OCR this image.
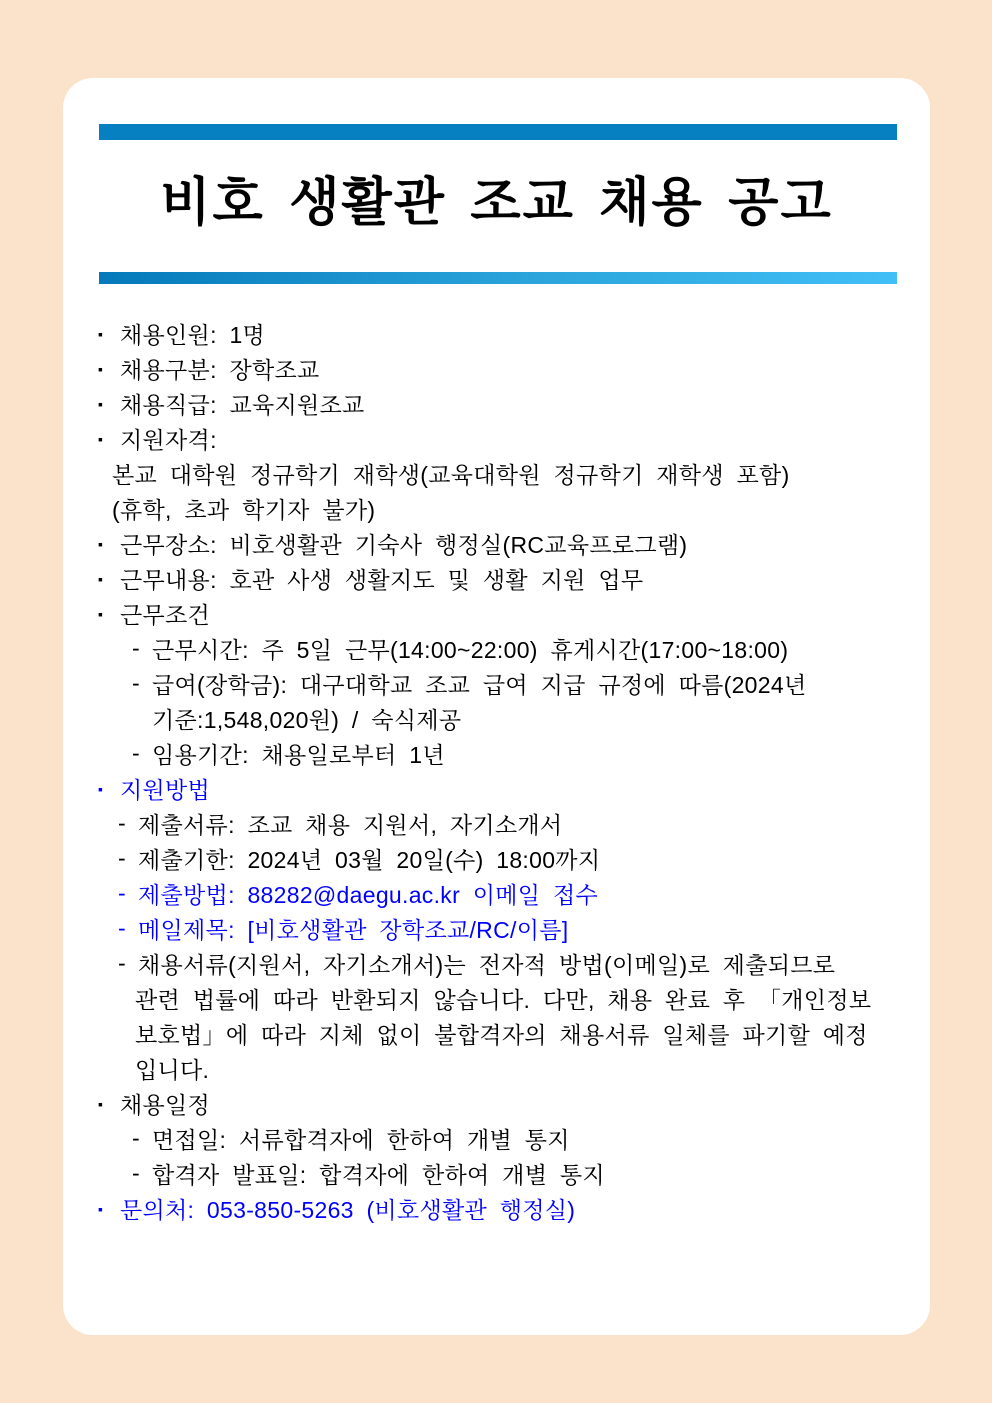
비호 생활관 조교 채용 공고
▪ 채용인원: 1명
▪ 채용구분: 장학조교
▪ 채용직급: 교육지원조교
▪ 지원자격:
본교 대학원 정규학기 재학생(교육대학원 정규학기 재학생 포함)
(휴학, 초과 학기자 불가)
▪ 근무장소: 비호생활관 기숙사 행정실(RC교육프로그램)
▪ 근무내용: 호관 사생 생활지도 및 생활 지원 업무
▪ 근무조건
- 근무시간: 주 5일 근무(14:00~22:00) 휴게시간(17:00~18:00)
- 급여(장학금): 대구대학교 조교 급여 지급 규정에 따름(2024년
기준:1,548,020원) / 숙식제공
- 임용기간: 채용일로부터 1년
▪ 지원방법
- 제출서류: 조교 채용 지원서, 자기소개서
- 제출기한: 2024년 03월 20일(수) 18:00까지
- 제출방법: 88282@daegu.ac.kr 이메일 접수
- 메일제목: [비호생활관 장학조교/RC/이름]
- 채용서류(지원서, 자기소개서)는 전자적 방법(이메일)로 제출되므로
관련 법률에 따라 반환되지 않습니다. 다만, 채용 완료 후 「개인정보
보호법」에 따라 지체 없이 불합격자의 채용서류 일체를 파기할 예정
입니다.
▪ 채용일정
- 면접일: 서류합격자에 한하여 개별 통지
- 합격자 발표일: 합격자에 한하여 개별 통지
▪ 문의처: 053-850-5263 (비호생활관 행정실)
